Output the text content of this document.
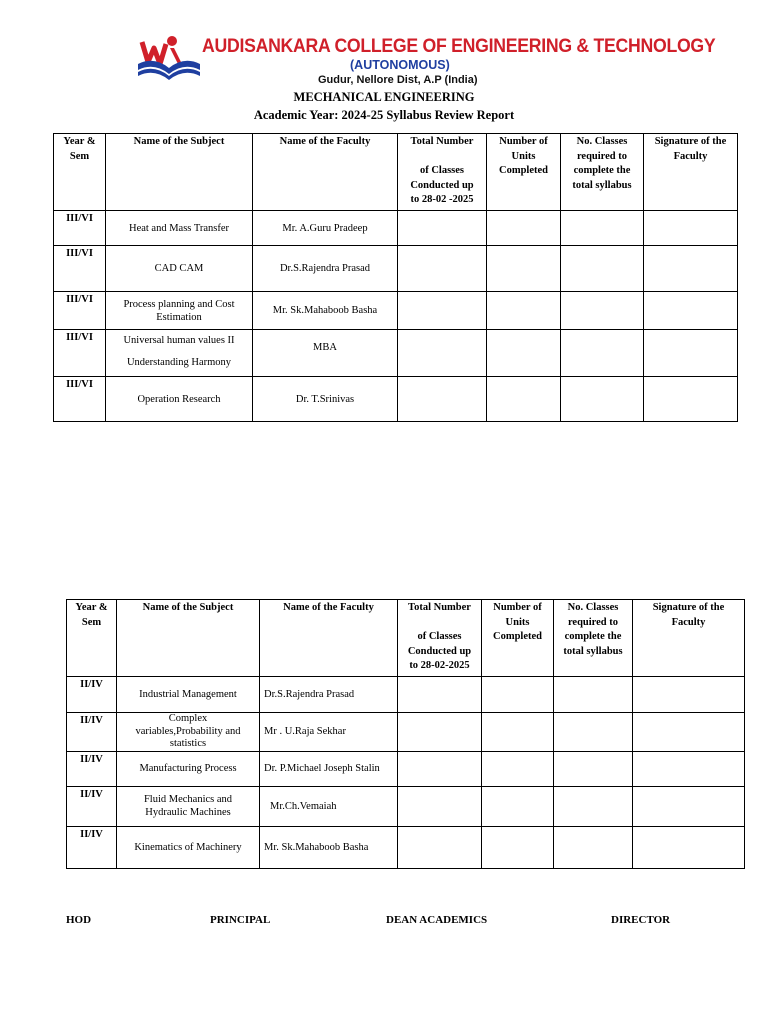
AUDISANKARA COLLEGE OF ENGINEERING & TECHNOLOGY
(AUTONOMOUS)
Gudur, Nellore Dist, A.P (India)
MECHANICAL ENGINEERING
Academic Year: 2024-25 Syllabus Review Report
Year &
Sem	Name of the Subject	Name of the Faculty	Total Number

of Classes
Conducted up
to 28-02 -2025	Number of
Units
Completed	No. Classes
required to
complete the
total syllabus	Signature of the
Faculty
III/VI	Heat and Mass Transfer	Mr. A.Guru Pradeep				
III/VI	CAD CAM	Dr.S.Rajendra Prasad				
III/VI	Process planning and Cost
Estimation	Mr. Sk.Mahaboob Basha				
III/VI	Universal human values II
Understanding Harmony	MBA				
III/VI	Operation Research	Dr. T.Srinivas				
Year &
Sem	Name of the Subject	Name of the Faculty	Total Number

of Classes
Conducted up
to 28-02-2025	Number of
Units
Completed	No. Classes
required to
complete the
total syllabus	Signature of the
Faculty
II/IV	Industrial Management	Dr.S.Rajendra Prasad				
II/IV	Complex
variables,Probability and
statistics	Mr . U.Raja Sekhar				
II/IV	Manufacturing Process	Dr. P.Michael Joseph Stalin				
II/IV	Fluid Mechanics and
Hydraulic Machines	Mr.Ch.Vemaiah				
II/IV	Kinematics of Machinery	Mr. Sk.Mahaboob Basha				
HOD	PRINCIPAL	DEAN ACADEMICS	DIRECTOR
